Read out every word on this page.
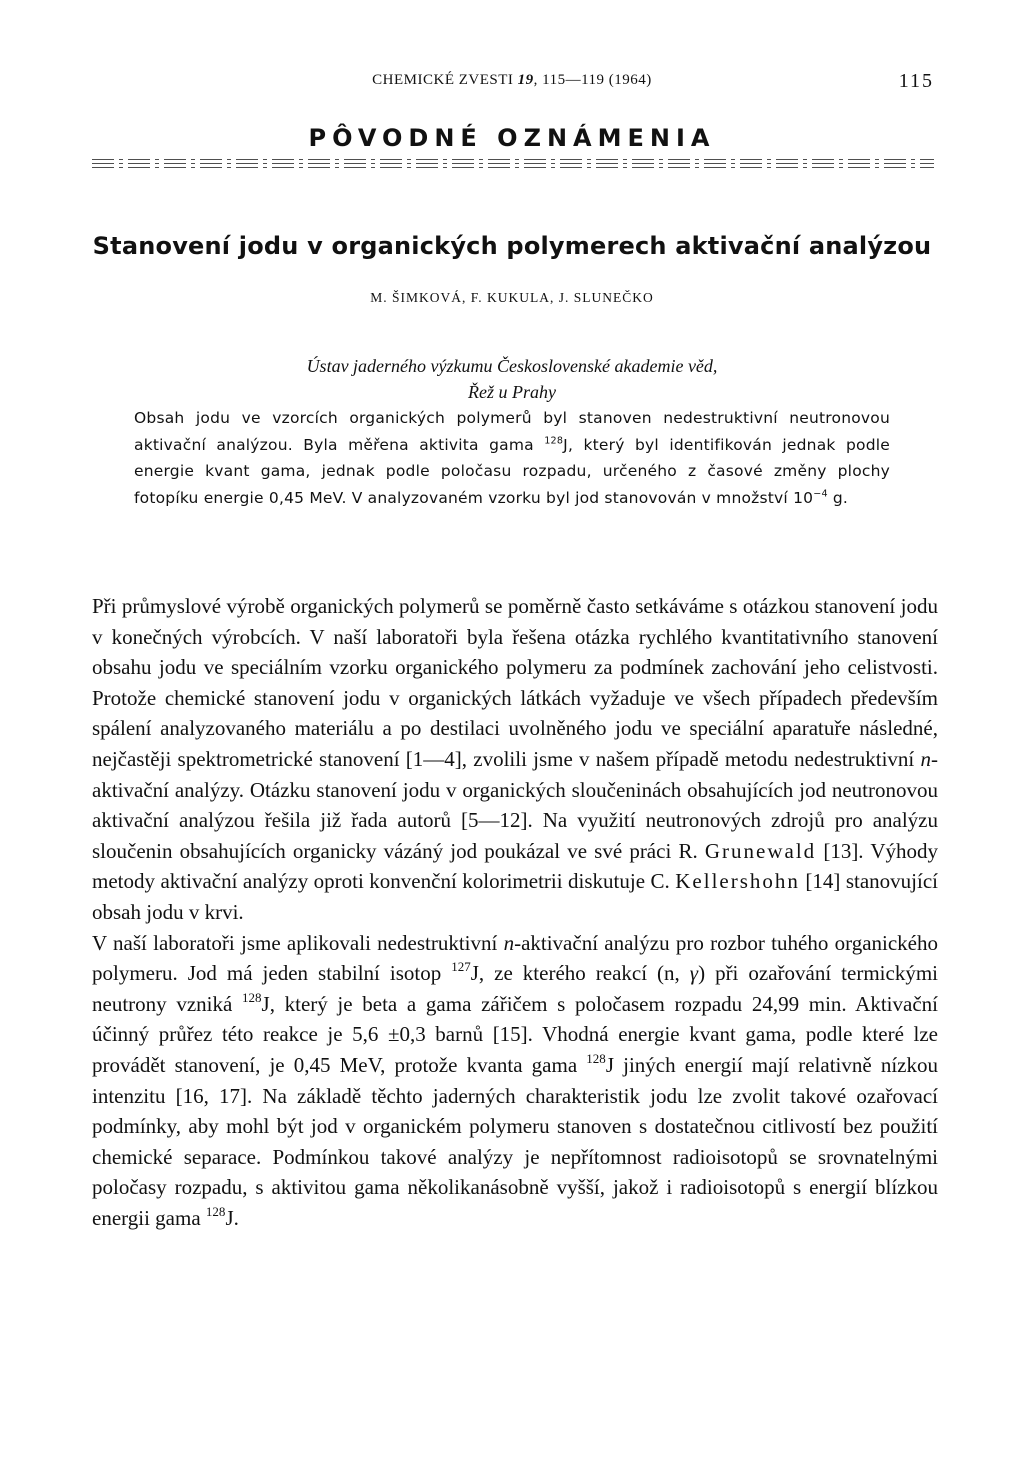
CHEMICKÉ ZVESTI 19, 115—119 (1964)	115
PÔVODNÉ OZNÁMENIA
Stanovení jodu v organických polymerech aktivační analýzou
M. ŠIMKOVÁ, F. KUKULA, J. SLUNEČKO
Ústav jaderného výzkumu Československé akademie věd,
Řež u Prahy
Obsah jodu ve vzorcích organických polymerů byl stanoven nedestruktivní neutronovou aktivační analýzou. Byla měřena aktivita gama $^{128}$J, který byl identifikován jednak podle energie kvant gama, jednak podle poločasu rozpadu, určeného z časové změny plochy fotopíku energie 0,45 MeV. V analyzovaném vzorku byl jod stanovován v množství $10^{-4}$ g.

Při průmyslové výrobě organických polymerů se poměrně často setkáváme s otázkou stanovení jodu v konečných výrobcích. V naší laboratoři byla řešena otázka rychlého kvantitativního stanovení obsahu jodu ve speciálním vzorku organického polymeru za podmínek zachování jeho celistvosti. Protože chemické stanovení jodu v organických látkách vyžaduje ve všech případech především spálení analyzovaného materiálu a po destilaci uvolněného jodu ve speciální aparatuře následné, nejčastěji spektrometrické stanovení [1—4], zvolili jsme v našem případě metodu nedestruktivní n-aktivační analýzy. Otázku stanovení jodu v organických sloučeninách obsahujících jod neutronovou aktivační analýzou řešila již řada autorů [5—12]. Na využití neutronových zdrojů pro analýzu sloučenin obsahujících organicky vázáný jod poukázal ve své práci R. Grunewald [13]. Výhody metody aktivační analýzy oproti konvenční kolorimetrii diskutuje C. Kellershohn [14] stanovující obsah jodu v krvi.

V naší laboratoři jsme aplikovali nedestruktivní n-aktivační analýzu pro rozbor tuhého organického polymeru. Jod má jeden stabilní isotop $^{127}$J, ze kterého reakcí (n, γ) při ozařování termickými neutrony vzniká $^{128}$J, který je beta a gama zářičem s poločasem rozpadu 24,99 min. Aktivační účinný průřez této reakce je 5,6 ±0,3 barnů [15]. Vhodná energie kvant gama, podle které lze provádět stanovení, je 0,45 MeV, protože kvanta gama $^{128}$J jiných energií mají relativně nízkou intenzitu [16, 17]. Na základě těchto jaderných charakteristik jodu lze zvolit takové ozařovací podmínky, aby mohl být jod v organickém polymeru stanoven s dostatečnou citlivostí bez použití chemické separace. Podmínkou takové analýzy je nepřítomnost radioisotopů se srovnatelnými poločasy rozpadu, s aktivitou gama několikanásobně vyšší, jakož i radioisotopů s energií blízkou energii gama $^{128}$J.
